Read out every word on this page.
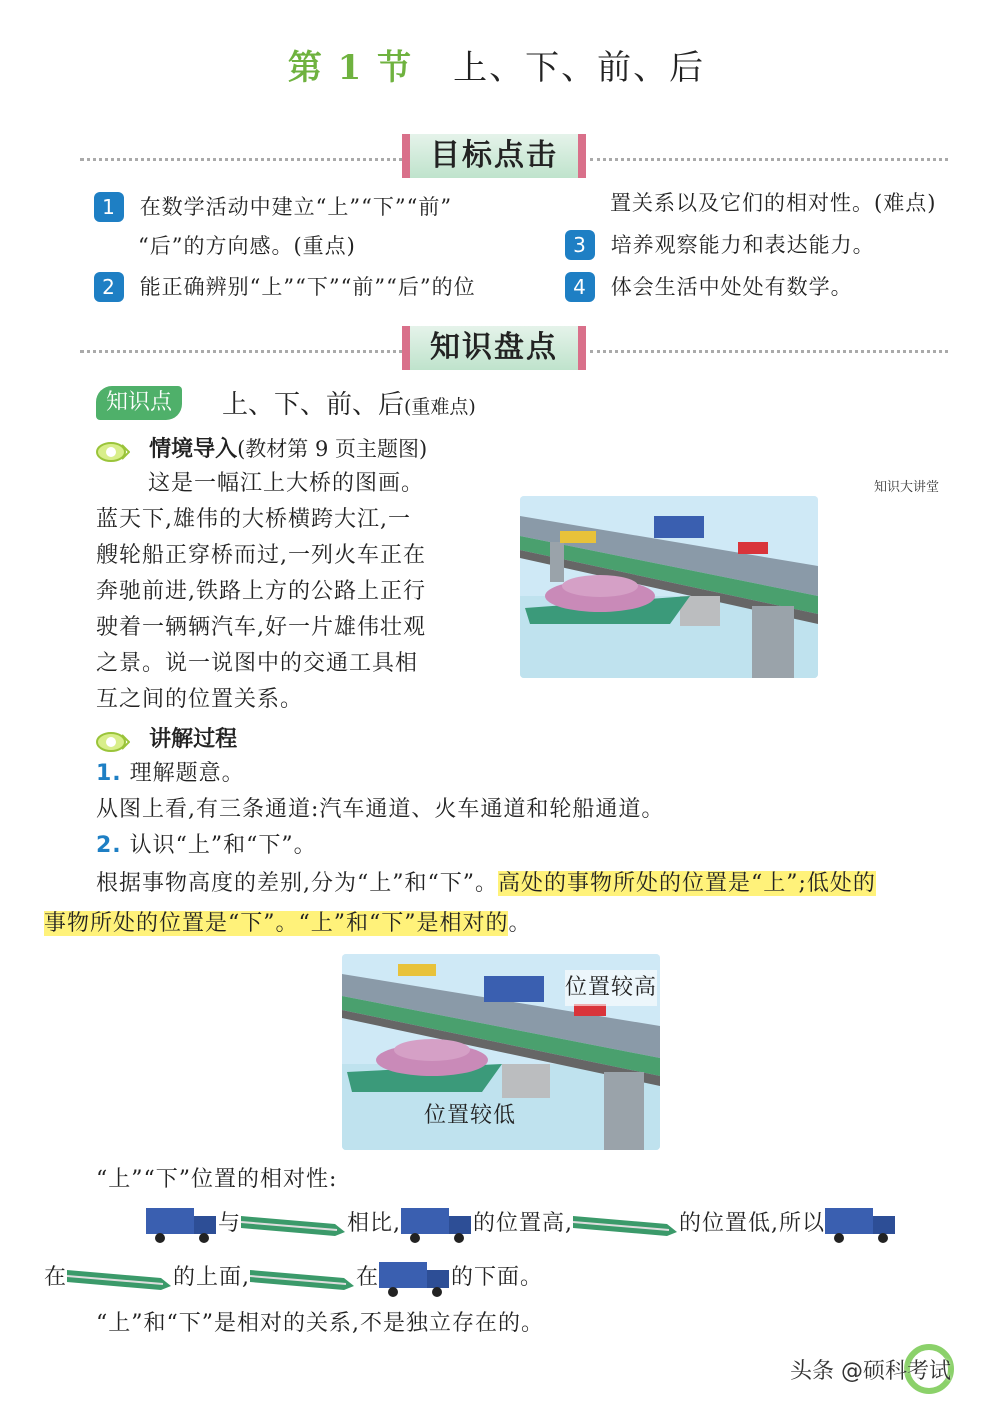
第 1 节 上、下、前、后
目标点击
1 在数学活动中建立“上”“下”“前”
“后”的方向感。(重点)
2 能正确辨别“上”“下”“前”“后”的位
置关系以及它们的相对性。(难点)
3 培养观察能力和表达能力。
4 体会生活中处处有数学。
知识盘点
知识点	上、下、前、后(重难点)
情境导入(教材第 9 页主题图)
这是一幅江上大桥的图画。
蓝天下,雄伟的大桥横跨大江,一
艘轮船正穿桥而过,一列火车正在
奔驰前进,铁路上方的公路上正行
驶着一辆辆汽车,好一片雄伟壮观
之景。说一说图中的交通工具相
互之间的位置关系。
知识大讲堂
讲解过程
1. 理解题意。
从图上看,有三条通道:汽车通道、火车通道和轮船通道。
2. 认识“上”和“下”。
根据事物高度的差别,分为“上”和“下”。高处的事物所处的位置是“上”;低处的
事物所处的位置是“下”。“上”和“下”是相对的。
位置较高
位置较低
“上”“下”位置的相对性:
与	相比,	的位置高,	的位置低,所以
在	的上面,	在	的下面。
“上”和“下”是相对的关系,不是独立存在的。
头条 @硕科考试
